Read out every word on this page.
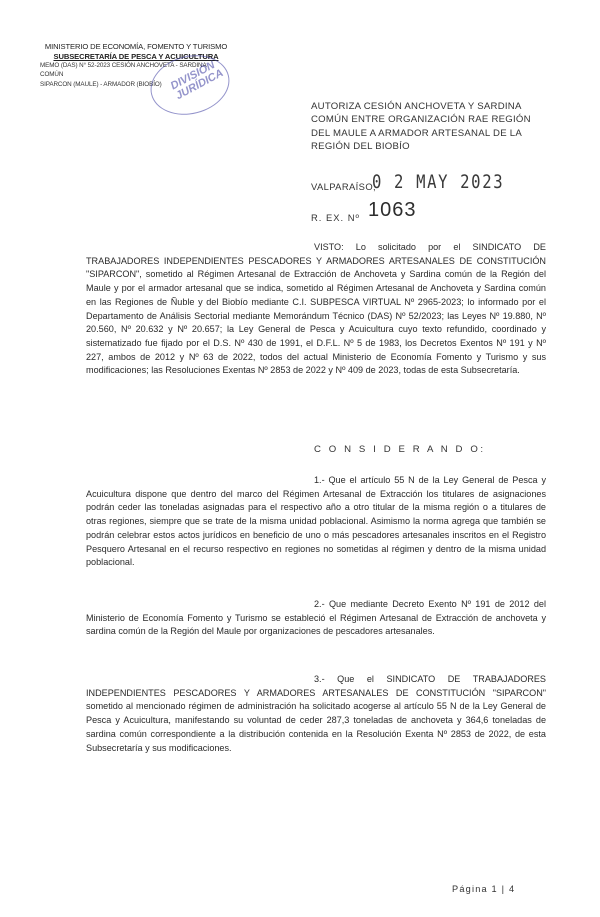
MINISTERIO DE ECONOMÍA, FOMENTO Y TURISMO
SUBSECRETARÍA DE PESCA Y ACUICULTURA
MEMO (DAS) N° 52-2023 CESIÓN ANCHOVETA - SARDINA
COMÚN
SIPARCON (MAULE) - ARMADOR (BIOBÍO) DIVISIÓN JURÍDICA
AUTORIZA CESIÓN ANCHOVETA Y SARDINA COMÚN ENTRE ORGANIZACIÓN RAE REGIÓN DEL MAULE A ARMADOR ARTESANAL DE LA REGIÓN DEL BIOBÍO
VALPARAÍSO,
0 2 MAY 2023
R. EX. Nº 1063
VISTO: Lo solicitado por el SINDICATO DE TRABAJADORES INDEPENDIENTES PESCADORES Y ARMADORES ARTESANALES DE CONSTITUCIÓN "SIPARCON", sometido al Régimen Artesanal de Extracción de Anchoveta y Sardina común de la Región del Maule y por el armador artesanal que se indica, sometido al Régimen Artesanal de Anchoveta y Sardina común en las Regiones de Ñuble y del Biobío mediante C.I. SUBPESCA VIRTUAL Nº 2965-2023; lo informado por el Departamento de Análisis Sectorial mediante Memorándum Técnico (DAS) Nº 52/2023; las Leyes Nº 19.880, Nº 20.560, Nº 20.632 y Nº 20.657; la Ley General de Pesca y Acuicultura cuyo texto refundido, coordinado y sistematizado fue fijado por el D.S. Nº 430 de 1991, el D.F.L. Nº 5 de 1983, los Decretos Exentos Nº 191 y Nº 227, ambos de 2012 y Nº 63 de 2022, todos del actual Ministerio de Economía Fomento y Turismo y sus modificaciones; las Resoluciones Exentas Nº 2853 de 2022 y Nº 409 de 2023, todas de esta Subsecretaría.
C O N S I D E R A N D O:
1.- Que el artículo 55 N de la Ley General de Pesca y Acuicultura dispone que dentro del marco del Régimen Artesanal de Extracción los titulares de asignaciones podrán ceder las toneladas asignadas para el respectivo año a otro titular de la misma región o a titulares de otras regiones, siempre que se trate de la misma unidad poblacional. Asimismo la norma agrega que también se podrán celebrar estos actos jurídicos en beneficio de uno o más pescadores artesanales inscritos en el Registro Pesquero Artesanal en el recurso respectivo en regiones no sometidas al régimen y dentro de la misma unidad poblacional.
2.- Que mediante Decreto Exento Nº 191 de 2012 del Ministerio de Economía Fomento y Turismo se estableció el Régimen Artesanal de Extracción de anchoveta y sardina común de la Región del Maule por organizaciones de pescadores artesanales.
3.- Que el SINDICATO DE TRABAJADORES INDEPENDIENTES PESCADORES Y ARMADORES ARTESANALES DE CONSTITUCIÓN "SIPARCON" sometido al mencionado régimen de administración ha solicitado acogerse al artículo 55 N de la Ley General de Pesca y Acuicultura, manifestando su voluntad de ceder 287,3 toneladas de anchoveta y 364,6 toneladas de sardina común correspondiente a la distribución contenida en la Resolución Exenta Nº 2853 de 2022, de esta Subsecretaría y sus modificaciones.
Página 1 | 4
